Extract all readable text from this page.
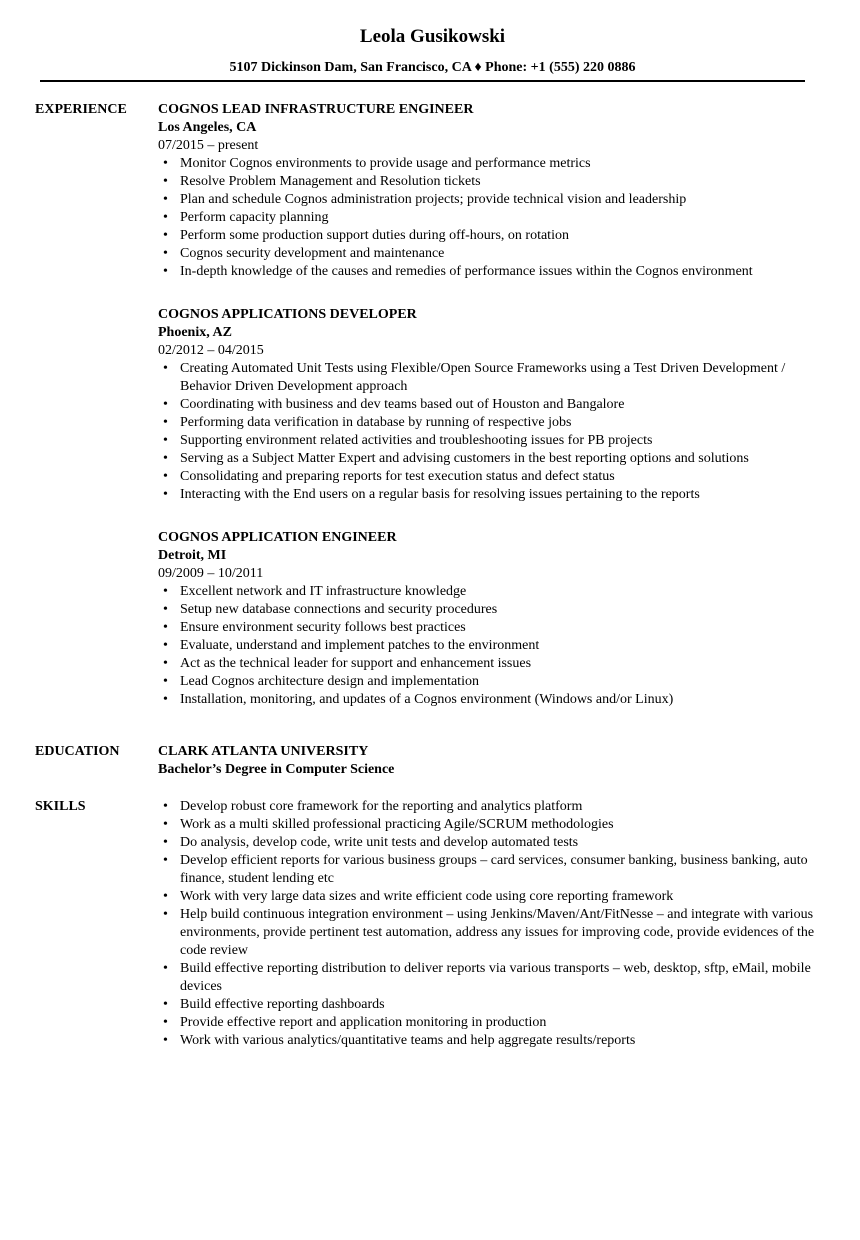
Leola Gusikowski
5107 Dickinson Dam, San Francisco, CA ♦ Phone: +1 (555) 220 0886
EXPERIENCE	COGNOS LEAD INFRASTRUCTURE ENGINEER
Los Angeles, CA
07/2015 – present
• Monitor Cognos environments to provide usage and performance metrics
• Resolve Problem Management and Resolution tickets
• Plan and schedule Cognos administration projects; provide technical vision and leadership
• Perform capacity planning
• Perform some production support duties during off-hours, on rotation
• Cognos security development and maintenance
• In-depth knowledge of the causes and remedies of performance issues within the Cognos environment
COGNOS APPLICATIONS DEVELOPER
Phoenix, AZ
02/2012 – 04/2015
• Creating Automated Unit Tests using Flexible/Open Source Frameworks using a Test Driven Development / Behavior Driven Development approach
• Coordinating with business and dev teams based out of Houston and Bangalore
• Performing data verification in database by running of respective jobs
• Supporting environment related activities and troubleshooting issues for PB projects
• Serving as a Subject Matter Expert and advising customers in the best reporting options and solutions
• Consolidating and preparing reports for test execution status and defect status
• Interacting with the End users on a regular basis for resolving issues pertaining to the reports
COGNOS APPLICATION ENGINEER
Detroit, MI
09/2009 – 10/2011
• Excellent network and IT infrastructure knowledge
• Setup new database connections and security procedures
• Ensure environment security follows best practices
• Evaluate, understand and implement patches to the environment
• Act as the technical leader for support and enhancement issues
• Lead Cognos architecture design and implementation
• Installation, monitoring, and updates of a Cognos environment (Windows and/or Linux)
EDUCATION	CLARK ATLANTA UNIVERSITY
Bachelor’s Degree in Computer Science
SKILLS
•	Develop robust core framework for the reporting and analytics platform
• Work as a multi skilled professional practicing Agile/SCRUM methodologies
• Do analysis, develop code, write unit tests and develop automated tests
• Develop efficient reports for various business groups – card services, consumer banking, business banking, auto finance, student lending etc
• Work with very large data sizes and write efficient code using core reporting framework
• Help build continuous integration environment – using Jenkins/Maven/Ant/FitNesse – and integrate with various environments, provide pertinent test automation, address any issues for improving code, provide evidences of the code review
• Build effective reporting distribution to deliver reports via various transports – web, desktop, sftp, eMail, mobile devices
• Build effective reporting dashboards
• Provide effective report and application monitoring in production
• Work with various analytics/quantitative teams and help aggregate results/reports
